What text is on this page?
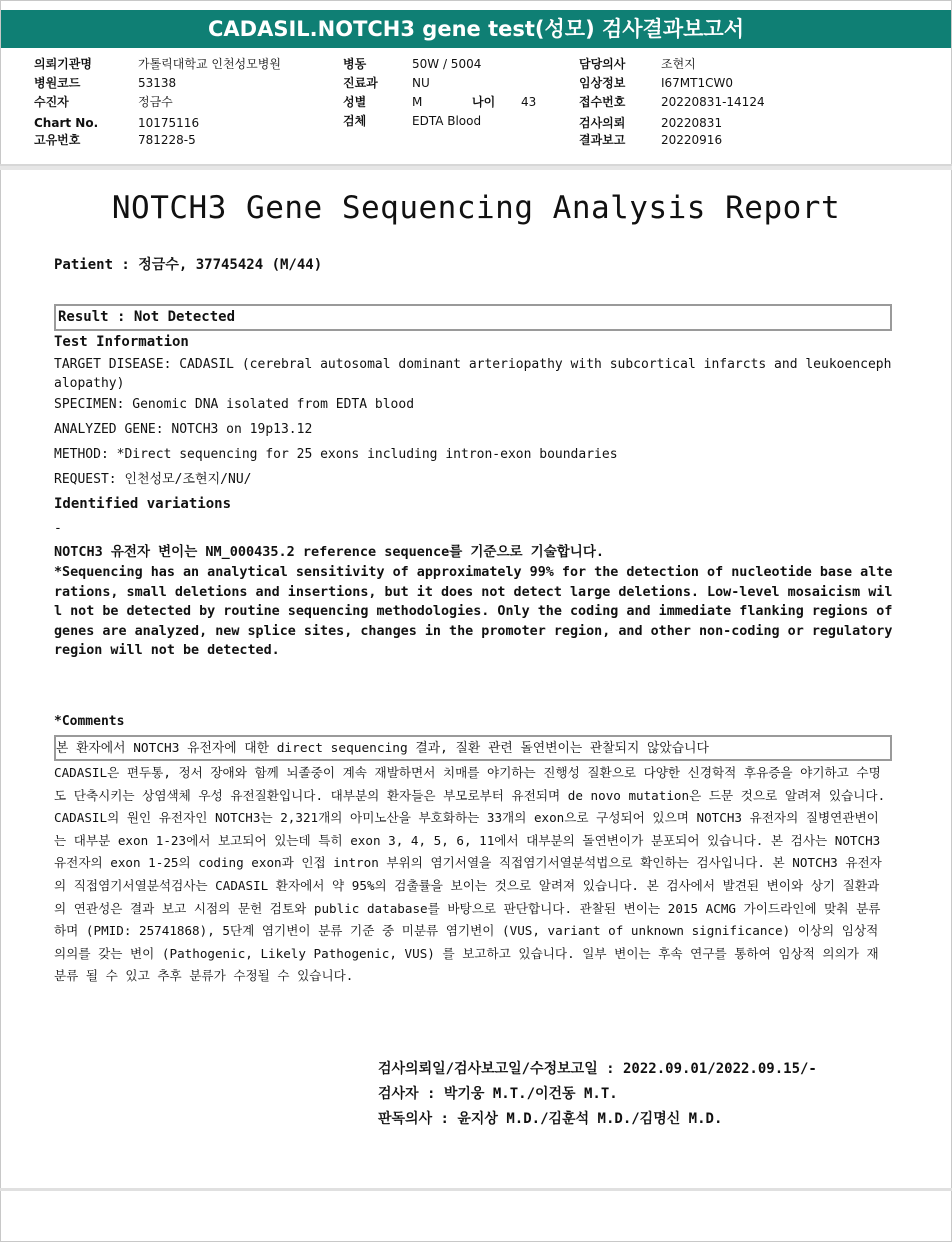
CADASIL.NOTCH3 gene test(성모) 검사결과보고서
의뢰기관명	가톨릭대학교 인천성모병원
병원코드	53138
수진자	정금수
Chart No.	10175116
고유번호	781228-5
병동	50W / 5004
진료과	NU
성별	M	나이	43
검체	EDTA Blood
담당의사	조현지
임상정보	I67MT1CW0
접수번호	20220831-14124
검사의뢰	20220831
결과보고	20220916
NOTCH3 Gene Sequencing Analysis Report
Patient : 정금수, 37745424 (M/44)
Result : Not Detected
Test Information
TARGET DISEASE: CADASIL (cerebral autosomal dominant arteriopathy with subcortical infarcts and leukoencephalopathy)
SPECIMEN: Genomic DNA isolated from EDTA blood
ANALYZED GENE: NOTCH3 on 19p13.12
METHOD: *Direct sequencing for 25 exons including intron-exon boundaries
REQUEST: 인천성모/조현지/NU/
Identified variations
-
NOTCH3 유전자 변이는 NM_000435.2 reference sequence를 기준으로 기술합니다.
*Sequencing has an analytical sensitivity of approximately 99% for the detection of nucleotide base alterations, small deletions and insertions, but it does not detect large deletions. Low-level mosaicism will not be detected by routine sequencing methodologies. Only the coding and immediate flanking regions of genes are analyzed, new splice sites, changes in the promoter region, and other non-coding or regulatory region will not be detected.
*Comments
본 환자에서 NOTCH3 유전자에 대한 direct sequencing 결과, 질환 관련 돌연변이는 관찰되지 않았습니다
CADASIL은 편두통, 정서 장애와 함께 뇌졸중이 계속 재발하면서 치매를 야기하는 진행성 질환으로 다양한 신경학적 후유증을 야기하고 수명도 단축시키는 상염색체 우성 유전질환입니다. 대부분의 환자들은 부모로부터 유전되며 de novo mutation은 드문 것으로 알려져 있습니다. CADASIL의 원인 유전자인 NOTCH3는 2,321개의 아미노산을 부호화하는 33개의 exon으로 구성되어 있으며 NOTCH3 유전자의 질병연관변이는 대부분 exon 1-23에서 보고되어 있는데 특히 exon 3, 4, 5, 6, 11에서 대부분의 돌연변이가 분포되어 있습니다. 본 검사는 NOTCH3 유전자의 exon 1-25의 coding exon과 인접 intron 부위의 염기서열을 직접염기서열분석법으로 확인하는 검사입니다. 본 NOTCH3 유전자의 직접염기서열분석검사는 CADASIL 환자에서 약 95%의 검출률을 보이는 것으로 알려져 있습니다. 본 검사에서 발견된 변이와 상기 질환과의 연관성은 결과 보고 시점의 문헌 검토와 public database를 바탕으로 판단합니다. 관찰된 변이는 2015 ACMG 가이드라인에 맞춰 분류하며 (PMID: 25741868), 5단계 염기변이 분류 기준 중 미분류 염기변이 (VUS, variant of unknown significance) 이상의 임상적 의의를 갖는 변이 (Pathogenic, Likely Pathogenic, VUS) 를 보고하고 있습니다. 일부 변이는 후속 연구를 통하여 임상적 의의가 재분류 될 수 있고 추후 분류가 수정될 수 있습니다.
검사의뢰일/검사보고일/수정보고일 : 2022.09.01/2022.09.15/-
검사자 : 박기웅 M.T./이건동 M.T.
판독의사 : 윤지상 M.D./김훈석 M.D./김명신 M.D.
